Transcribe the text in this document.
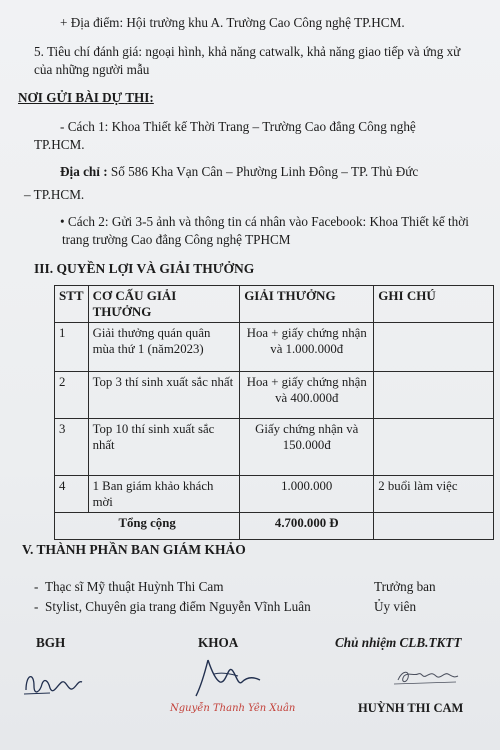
+ Địa điểm: Hội trường khu A. Trường Cao Công nghệ TP.HCM.
5. Tiêu chí đánh giá: ngoại hình, khả năng catwalk, khả năng giao tiếp và ứng xử
của những người mẫu
NƠI GỬI BÀI DỰ THI:
- Cách 1: Khoa Thiết kế Thời Trang – Trường Cao đẳng Công nghệ
TP.HCM.
Địa chỉ : Số 586 Kha Vạn Cân – Phường Linh Đông – TP. Thủ Đức
– TP.HCM.
• Cách 2: Gửi 3-5 ảnh và thông tin cá nhân vào Facebook: Khoa Thiết kế thời
trang trường Cao đẳng Công nghệ TPHCM
III. QUYỀN LỢI VÀ GIẢI THƯỞNG
STT	CƠ CẤU GIẢI THƯỞNG	GIẢI THƯỞNG	GHI CHÚ
1	Giải thưởng quán quân mùa thứ 1 (năm2023)	Hoa + giấy chứng nhận và 1.000.000đ	
2	Top 3 thí sinh xuất sắc nhất	Hoa + giấy chứng nhận và 400.000đ	
3	Top 10 thí sinh xuất sắc nhất	Giấy chứng nhận và 150.000đ	
4	1 Ban giám khảo khách mời	1.000.000	2 buổi làm việc
Tổng cộng		4.700.000 Đ	
V. THÀNH PHẦN BAN GIÁM KHẢO
-  Thạc sĩ Mỹ thuật Huỳnh Thi Cam	Trưởng ban
-  Stylist, Chuyên gia trang điểm Nguyễn Vĩnh Luân	Ủy viên
BGH	KHOA	Chủ nhiệm CLB.TKTT
Nguyễn Thanh Yên Xuân	HUỲNH THI CAM
